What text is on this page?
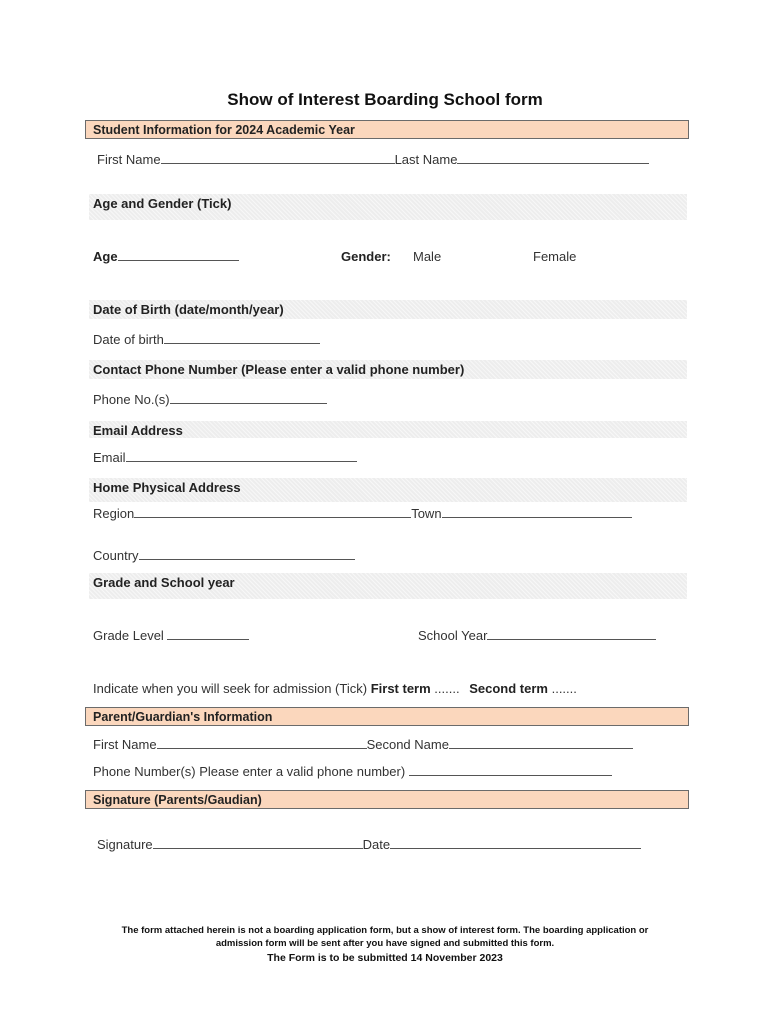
Show of Interest Boarding School form
Student Information for 2024 Academic Year
First Name	Last Name
Age and Gender (Tick)
Age	Gender: Male	Female
Date of Birth (date/month/year)
Date of birth
Contact Phone Number (Please enter a valid phone number)
Phone No.(s)
Email Address
Email
Home Physical Address
Region	Town
Country
Grade and School year
Grade Level	School Year
Indicate when you will seek for admission (Tick) First term ....... Second term .......
Parent/Guardian's Information
First Name	Second Name
Phone Number(s) Please enter a valid phone number)
Signature (Parents/Gaudian)
Signature	Date
The form attached herein is not a boarding application form, but a show of interest form. The boarding application or
admission form will be sent after you have signed and submitted this form.
The Form is to be submitted 14 November 2023
